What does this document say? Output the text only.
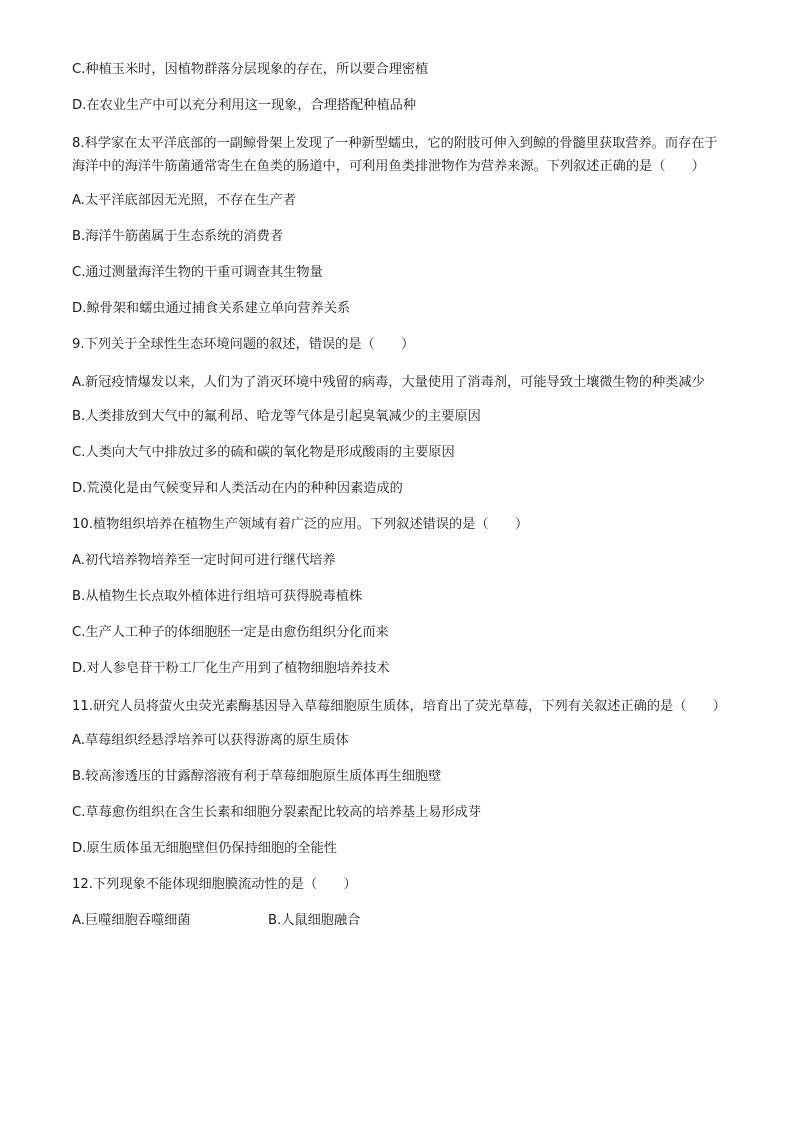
C.种植玉米时，因植物群落分层现象的存在，所以要合理密植

D.在农业生产中可以充分利用这一现象，合理搭配种植品种

8.科学家在太平洋底部的一副鲸骨架上发现了一种新型蠕虫，它的附肢可伸入到鲸的骨髓里获取营养。而存在于海洋中的海洋牛筋菌通常寄生在鱼类的肠道中，可利用鱼类排泄物作为营养来源。下列叙述正确的是（　　）

A.太平洋底部因无光照，不存在生产者

B.海洋牛筋菌属于生态系统的消费者

C.通过测量海洋生物的干重可调查其生物量

D.鲸骨架和蠕虫通过捕食关系建立单向营养关系

9.下列关于全球性生态环境问题的叙述，错误的是（　　）

A.新冠疫情爆发以来，人们为了消灭环境中残留的病毒，大量使用了消毒剂，可能导致土壤微生物的种类减少

B.人类排放到大气中的氟利昂、哈龙等气体是引起臭氧减少的主要原因

C.人类向大气中排放过多的硫和碳的氧化物是形成酸雨的主要原因

D.荒漠化是由气候变异和人类活动在内的种种因素造成的

10.植物组织培养在植物生产领域有着广泛的应用。下列叙述错误的是（　　）

A.初代培养物培养至一定时间可进行继代培养

B.从植物生长点取外植体进行组培可获得脱毒植株

C.生产人工种子的体细胞胚一定是由愈伤组织分化而来

D.对人参皂苷干粉工厂化生产用到了植物细胞培养技术

11.研究人员将萤火虫荧光素酶基因导入草莓细胞原生质体，培育出了荧光草莓，下列有关叙述正确的是（　　）

A.草莓组织经悬浮培养可以获得游离的原生质体

B.较高渗透压的甘露醇溶液有利于草莓细胞原生质体再生细胞壁

C.草莓愈伤组织在含生长素和细胞分裂素配比较高的培养基上易形成芽

D.原生质体虽无细胞壁但仍保持细胞的全能性

12.下列现象不能体现细胞膜流动性的是（　　）

A.巨噬细胞吞噬细菌	B.人鼠细胞融合
